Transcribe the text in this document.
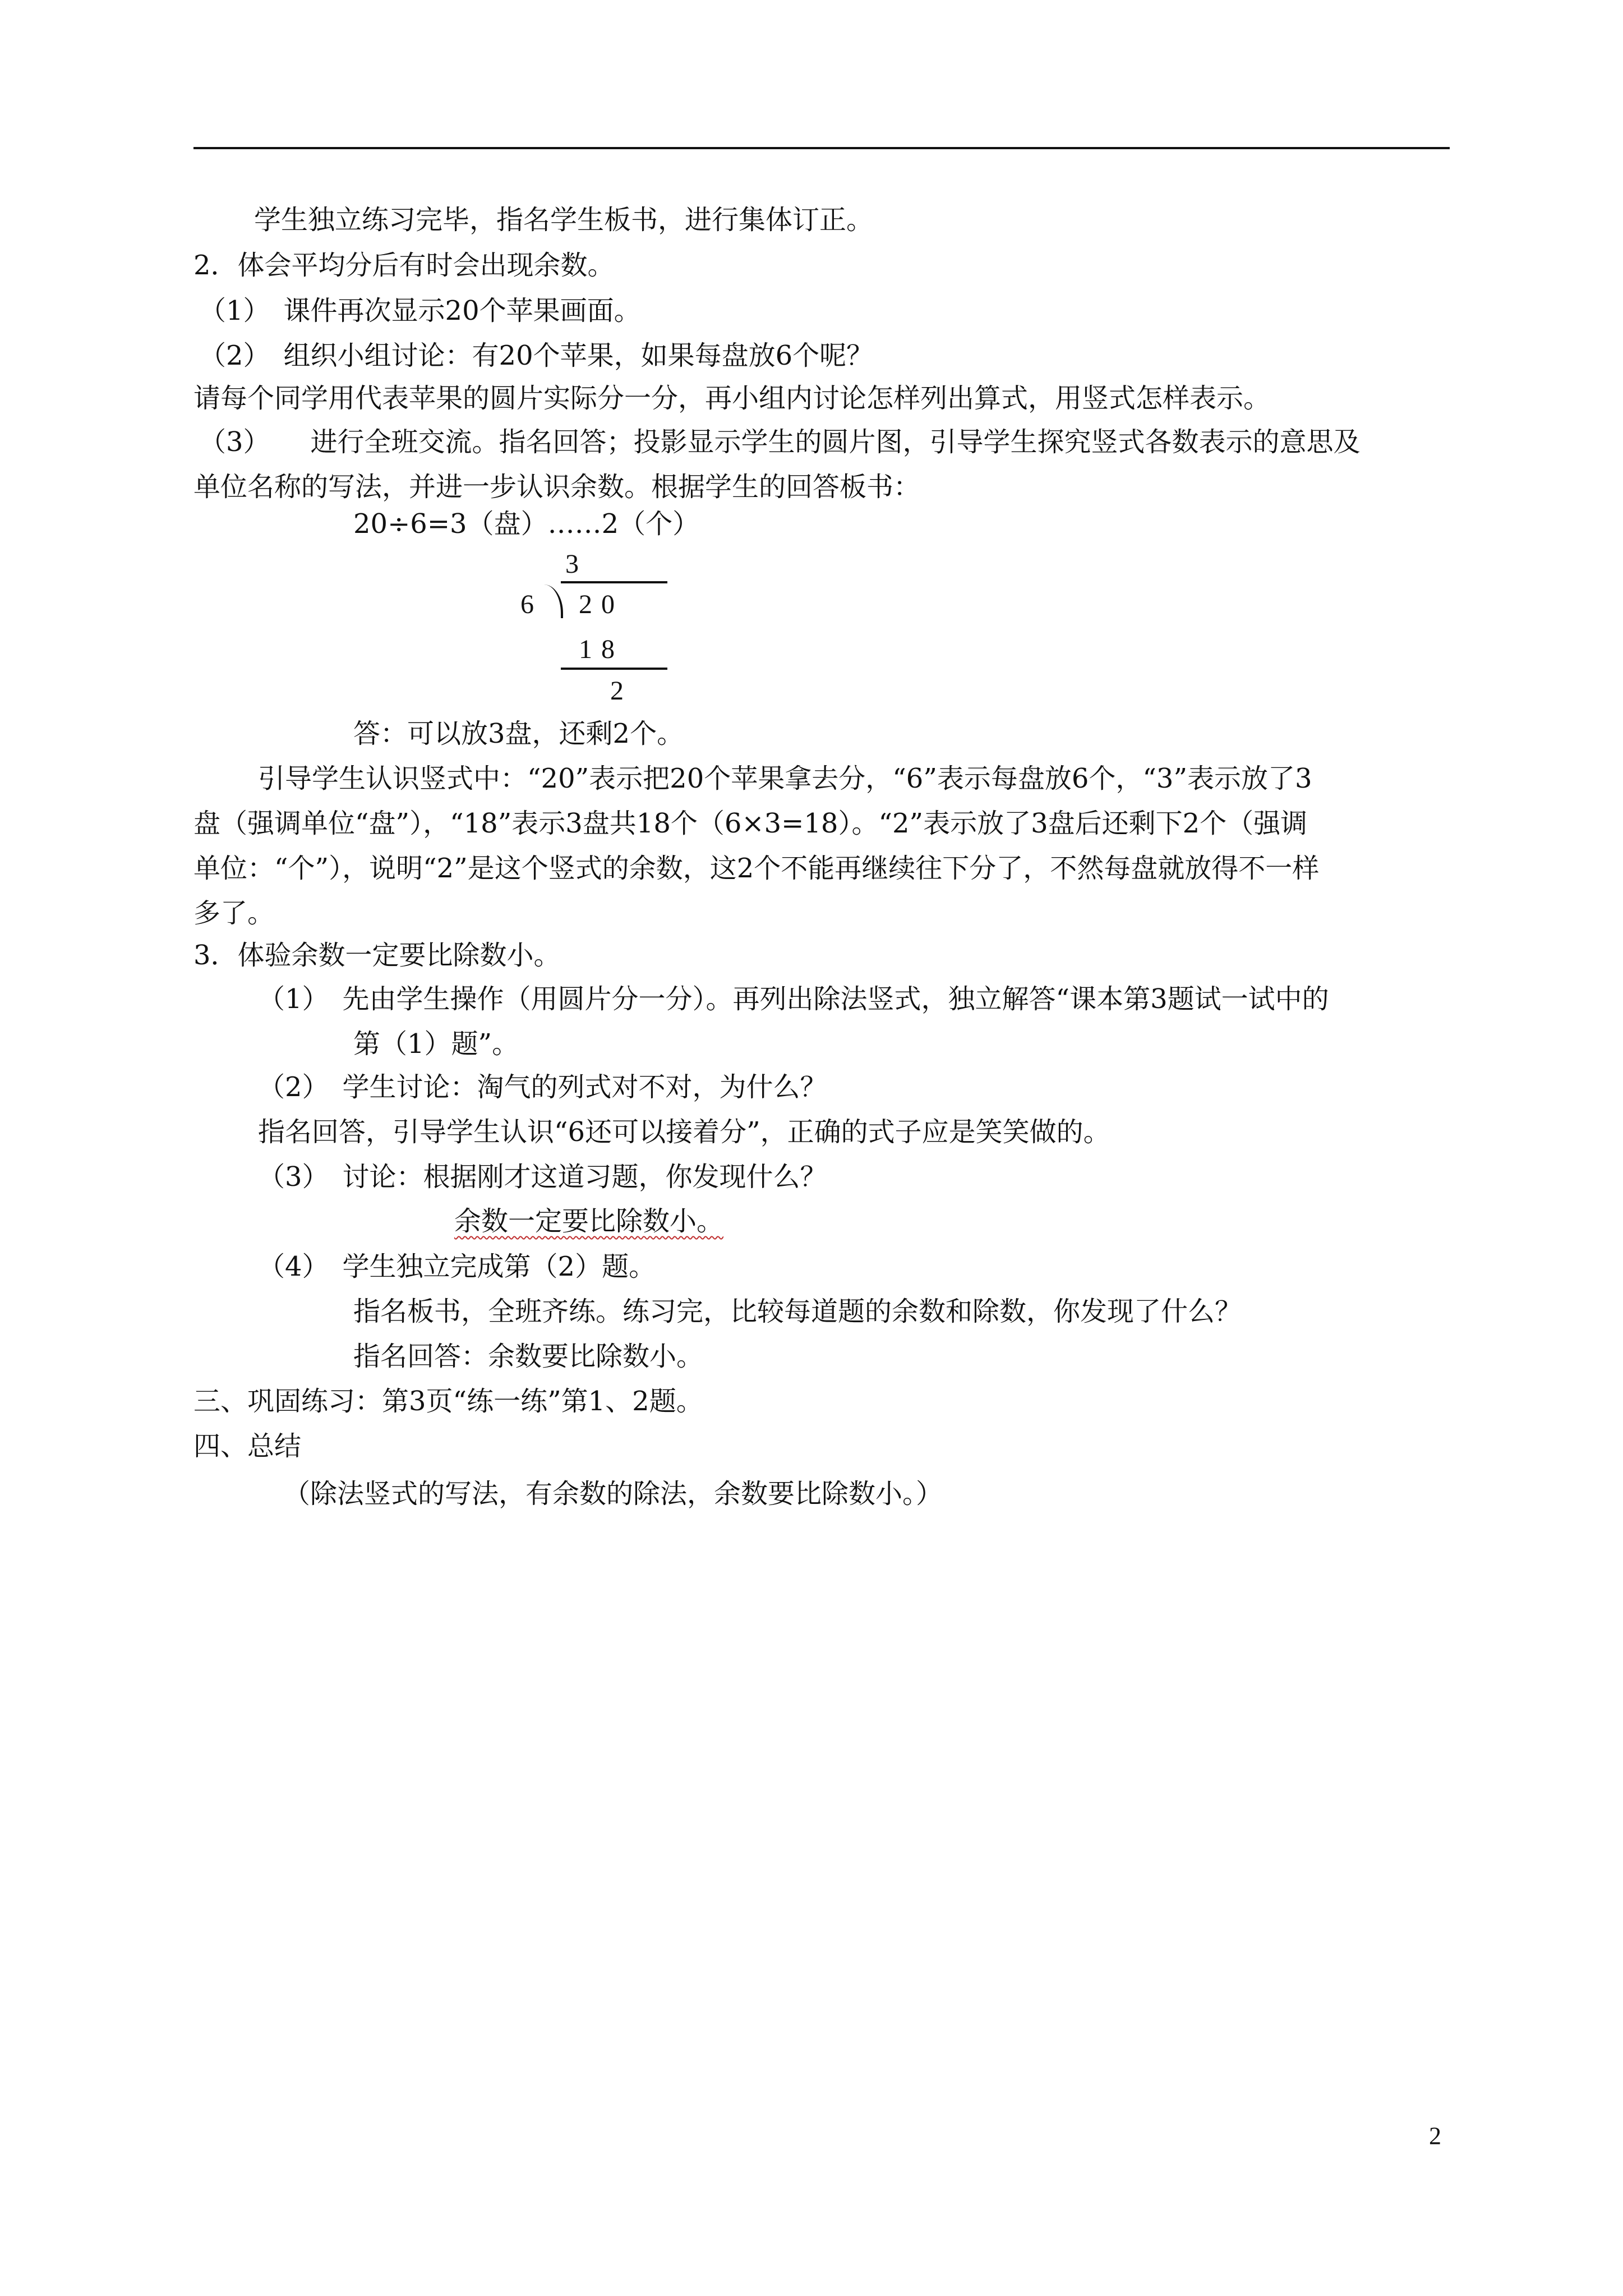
学生独立练习完毕，指名学生板书，进行集体订正。
2．体会平均分后有时会出现余数。
（1）　课件再次显示20个苹果画面。
（2）　组织小组讨论：有20个苹果，如果每盘放6个呢？
请每个同学用代表苹果的圆片实际分一分，再小组内讨论怎样列出算式，用竖式怎样表示。
（3）　　进行全班交流。指名回答；投影显示学生的圆片图，引导学生探究竖式各数表示的意思及
单位名称的写法，并进一步认识余数。根据学生的回答板书：
20÷6=3（盘）……2（个）
3
6 20
18
2
答：可以放3盘，还剩2个。
引导学生认识竖式中：“20”表示把20个苹果拿去分，“6”表示每盘放6个，“3”表示放了3
盘（强调单位“盘”），“18”表示3盘共18个（6×3=18）。“2”表示放了3盘后还剩下2个（强调
单位：“个”），说明“2”是这个竖式的余数，这2个不能再继续往下分了，不然每盘就放得不一样
多了。
3．体验余数一定要比除数小。
（1）　先由学生操作（用圆片分一分）。再列出除法竖式，独立解答“课本第3题试一试中的
第（1）题”。
（2）　学生讨论：淘气的列式对不对，为什么？
指名回答，引导学生认识“6还可以接着分”，正确的式子应是笑笑做的。
（3）　讨论：根据刚才这道习题，你发现什么？
余数一定要比除数小。
（4）　学生独立完成第（2）题。
指名板书，全班齐练。练习完，比较每道题的余数和除数，你发现了什么？
指名回答：余数要比除数小。
三、巩固练习：第3页“练一练”第1、2题。
四、总结
（除法竖式的写法，有余数的除法，余数要比除数小。）
2
